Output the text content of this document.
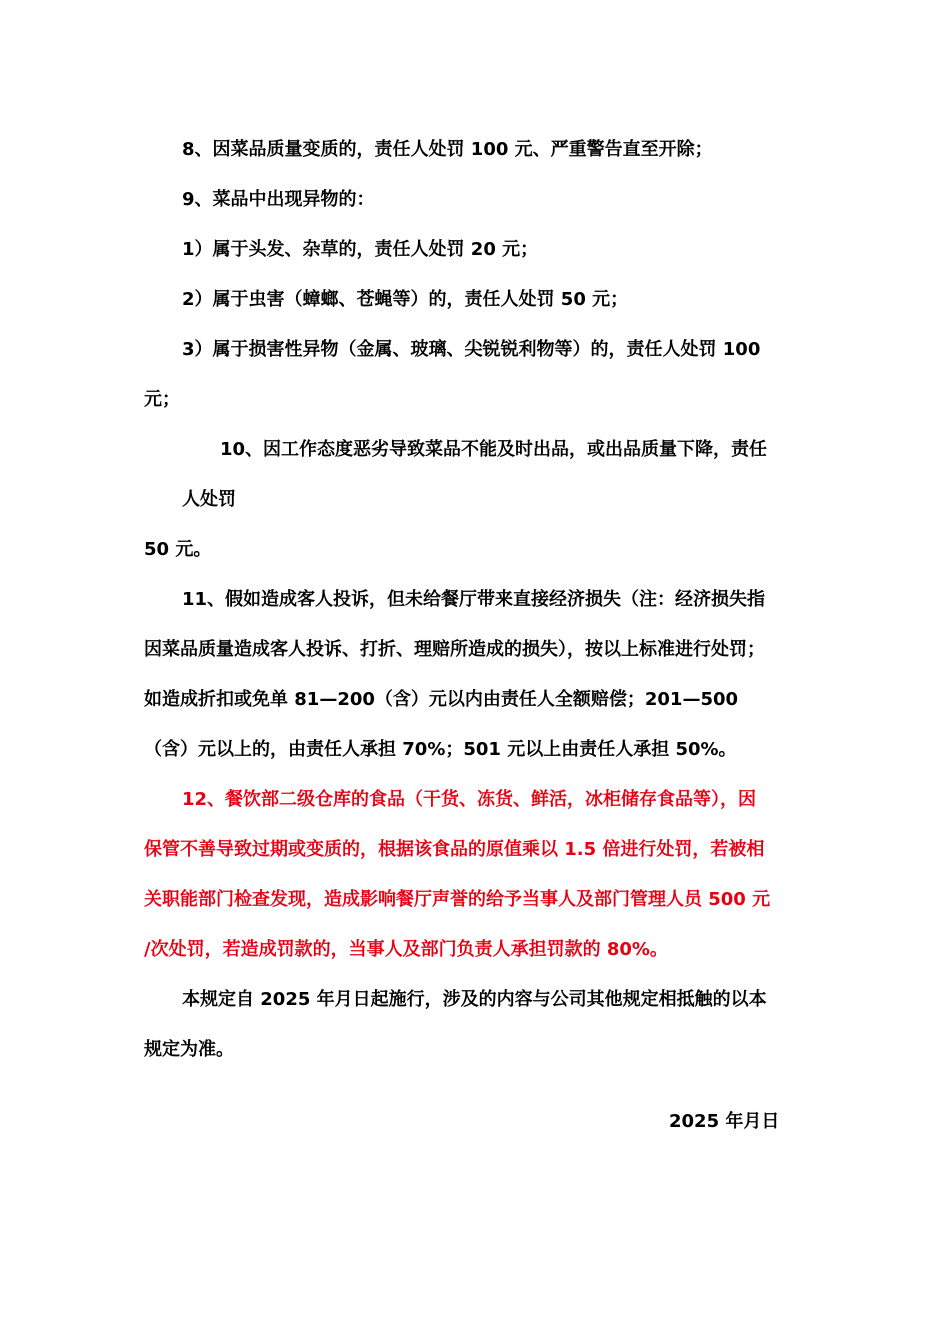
8、因菜品质量变质的，责任人处罚 100 元、严重警告直至开除；
9、菜品中出现异物的：
1）属于头发、杂草的，责任人处罚 20 元；
2）属于虫害（蟑螂、苍蝇等）的，责任人处罚 50 元；
3）属于损害性异物（金属、玻璃、尖锐锐利物等）的，责任人处罚 100
元；
10、因工作态度恶劣导致菜品不能及时出品，或出品质量下降，责任
人处罚
50 元。
11、假如造成客人投诉，但未给餐厅带来直接经济损失（注：经济损失指
因菜品质量造成客人投诉、打折、理赔所造成的损失），按以上标准进行处罚；
如造成折扣或免单 81—200（含）元以内由责任人全额赔偿；201—500
（含）元以上的，由责任人承担 70%；501 元以上由责任人承担 50%。
12、餐饮部二级仓库的食品（干货、冻货、鲜活，冰柜储存食品等），因
保管不善导致过期或变质的，根据该食品的原值乘以 1.5 倍进行处罚，若被相
关职能部门检查发现，造成影响餐厅声誉的给予当事人及部门管理人员 500 元
/次处罚，若造成罚款的，当事人及部门负责人承担罚款的 80%。
本规定自 2025 年月日起施行，涉及的内容与公司其他规定相抵触的以本
规定为准。
2025 年月日
